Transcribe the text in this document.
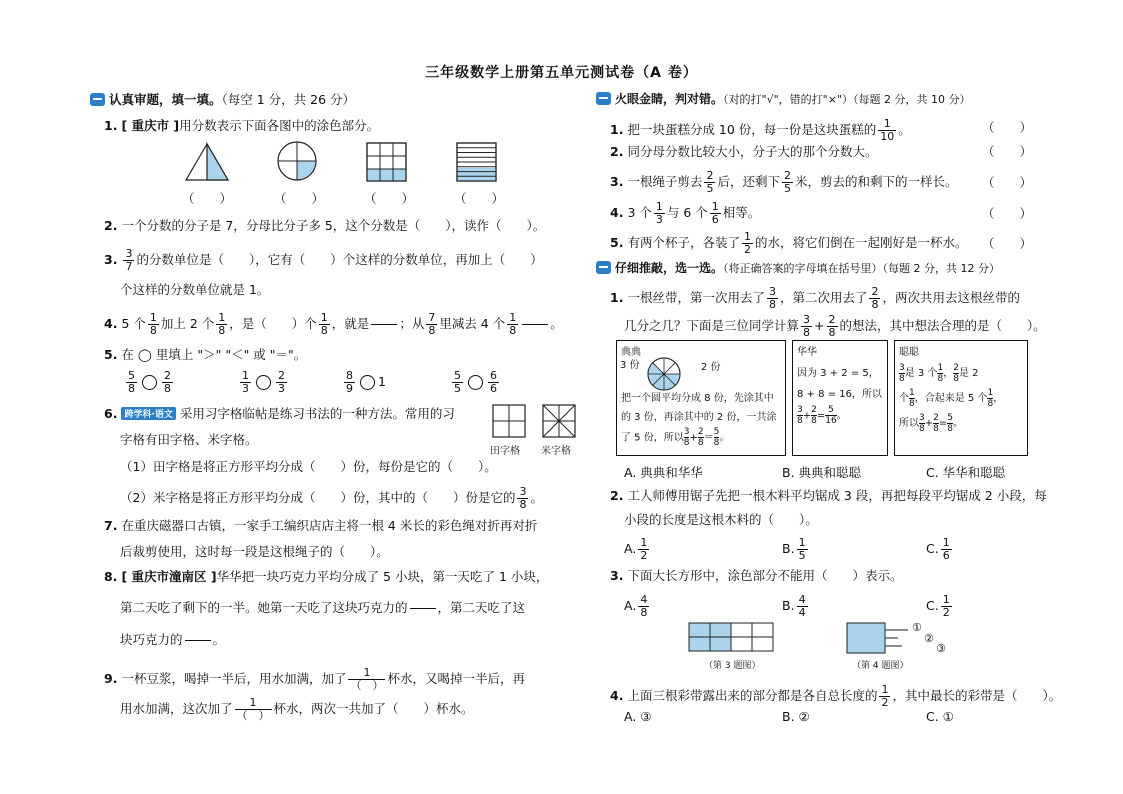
三年级数学上册第五单元测试卷（A 卷）
认真审题，填一填。（每空 1 分，共 26 分）
1. [ 重庆市 ]用分数表示下面各图中的涂色部分。
（　　）	（　　）	（　　）	（　　）
2. 一个分数的分子是 7，分母比分子多 5，这个分数是（　　），读作（　　）。
3. $\frac{3}{7}$ 的分数单位是（　　），它有（　　）个这样的分数单位，再加上（　　）
个这样的分数单位就是 1。
4. 5 个 $\frac{1}{8}$ 加上 2 个 $\frac{1}{8}$ ，是（　　）个 $\frac{1}{8}$ ，就是 ；从 $\frac{7}{8}$ 里减去 4 个 $\frac{1}{8}$	。
5. 在 ◯ 里填上 "＞" "＜" 或 "＝"。
$\frac{5}{8} \frac{2}{8}$	$\frac{1}{3} \frac{2}{3}$	$\frac{8}{9} 1$	$\frac{5}{5} \frac{6}{6}$
6. 跨学科·语文 采用习字格临帖是练习书法的一种方法。常用的习
字格有田字格、米字格。
（1）田字格是将正方形平均分成（　　）份，每份是它的（　　）。
（2）米字格是将正方形平均分成（　　）份，其中的（　　）份是它的 $\frac{3}{8}$ 。
田字格 米字格
7. 在重庆磁器口古镇，一家手工编织店店主将一根 4 米长的彩色绳对折再对折
后裁剪使用，这时每一段是这根绳子的（　　）。
8. [ 重庆市潼南区 ]华华把一块巧克力平均分成了 5 小块，第一天吃了 1 小块，
第二天吃了剩下的一半。她第一天吃了这块巧克力的 ，第二天吃了这
块巧克力的 。
9. 一杯豆浆，喝掉一半后，用水加满，加了 $\frac{1}{( )}$ 杯水，又喝掉一半后，再
用水加满，这次加了 $\frac{1}{( )}$ 杯水，两次一共加了（　　）杯水。
火眼金睛，判对错。（对的打"√"，错的打"×"）（每题 2 分，共 10 分）
1. 把一块蛋糕分成 10 份，每一份是这块蛋糕的 $\frac{1}{10}$ 。	（　　）
2. 同分母分数比较大小，分子大的那个分数大。	（　　）
3. 一根绳子剪去 $\frac{2}{5}$ 后，还剩下 $\frac{2}{5}$ 米，剪去的和剩下的一样长。 （　　）
4. 3 个 $\frac{1}{3}$ 与 6 个 $\frac{1}{6}$ 相等。	（　　）
5. 有两个杯子，各装了 $\frac{1}{2}$ 的水，将它们倒在一起刚好是一杯水。 （　　）
仔细推敲，选一选。（将正确答案的字母填在括号里）（每题 2 分，共 12 分）
1. 一根丝带，第一次用去了 $\frac{3}{8}$ ，第二次用去了 $\frac{2}{8}$ ，两次共用去这根丝带的
几分之几？下面是三位同学计算 $\frac{3}{8} + \frac{2}{8}$ 的想法，其中想法合理的是（　　）。
典典
3 份	2 份
把一个圆平均分成 8 份，先涂其中
的 3 份，再涂其中的 2 份，一共涂
了 5 份，所以 $\frac{3}{8} + \frac{2}{8} = \frac{5}{8}$ 。
华华
因为 3 + 2 = 5，
8 + 8 = 16，所以
$\frac{3}{8} + \frac{2}{8} = \frac{5}{16}$ 。
聪聪
$\frac{3}{8}$ 是 3 个 $\frac{1}{8}$ ， $\frac{2}{8}$ 是 2
个 $\frac{1}{8}$ ，合起来是 5 个 $\frac{1}{8}$ ，
所以 $\frac{3}{8} + \frac{2}{8} = \frac{5}{8}$ 。
A. 典典和华华	B. 典典和聪聪	C. 华华和聪聪
2. 工人师傅用锯子先把一根木料平均锯成 3 段，再把每段平均锯成 2 小段，每
小段的长度是这根木料的（　　）。
A. $\frac{1}{2}$	B. $\frac{1}{5}$	C. $\frac{1}{6}$
3. 下面大长方形中，涂色部分不能用（　　）表示。
A. $\frac{4}{8}$	B. $\frac{4}{4}$	C. $\frac{1}{2}$
（第 3 题图）
①
②
③
（第 4 题图）
4. 上面三根彩带露出来的部分都是各自总长度的 $\frac{1}{2}$ ，其中最长的彩带是（　　）。
A. ③	B. ②	C. ①
